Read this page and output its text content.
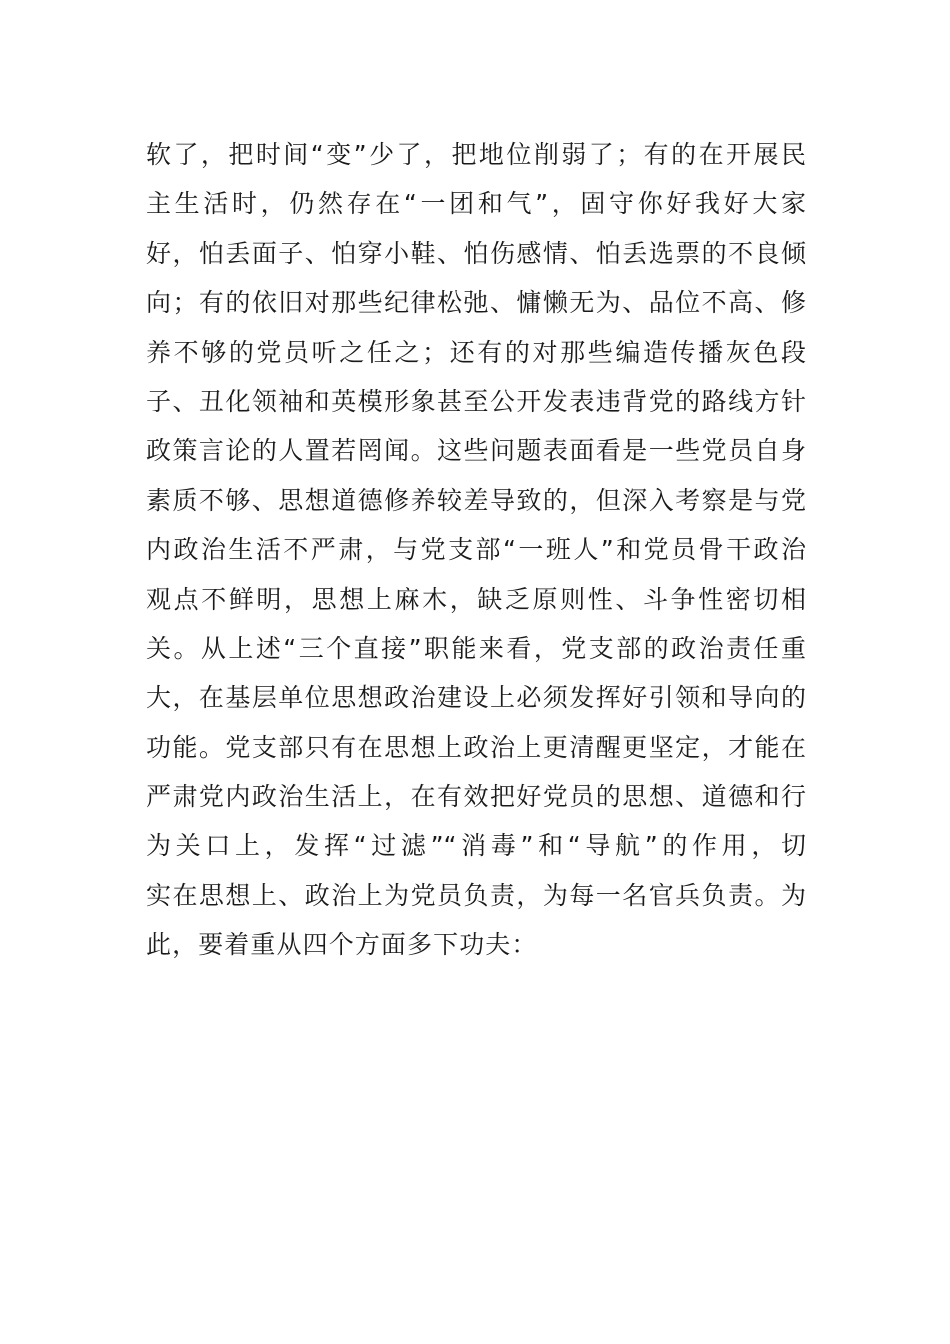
软了，把时间“变”少了，把地位削弱了；有的在开展民
主生活时，仍然存在“一团和气”，固守你好我好大家
好，怕丢面子、怕穿小鞋、怕伤感情、怕丢选票的不良倾
向；有的依旧对那些纪律松弛、慵懒无为、品位不高、修
养不够的党员听之任之；还有的对那些编造传播灰色段
子、丑化领袖和英模形象甚至公开发表违背党的路线方针
政策言论的人置若罔闻。这些问题表面看是一些党员自身
素质不够、思想道德修养较差导致的，但深入考察是与党
内政治生活不严肃，与党支部“一班人”和党员骨干政治
观点不鲜明，思想上麻木，缺乏原则性、斗争性密切相
关。从上述“三个直接”职能来看，党支部的政治责任重
大，在基层单位思想政治建设上必须发挥好引领和导向的
功能。党支部只有在思想上政治上更清醒更坚定，才能在
严肃党内政治生活上，在有效把好党员的思想、道德和行
为关口上，发挥“过滤”“消毒”和“导航”的作用，切
实在思想上、政治上为党员负责，为每一名官兵负责。为
此，要着重从四个方面多下功夫：
